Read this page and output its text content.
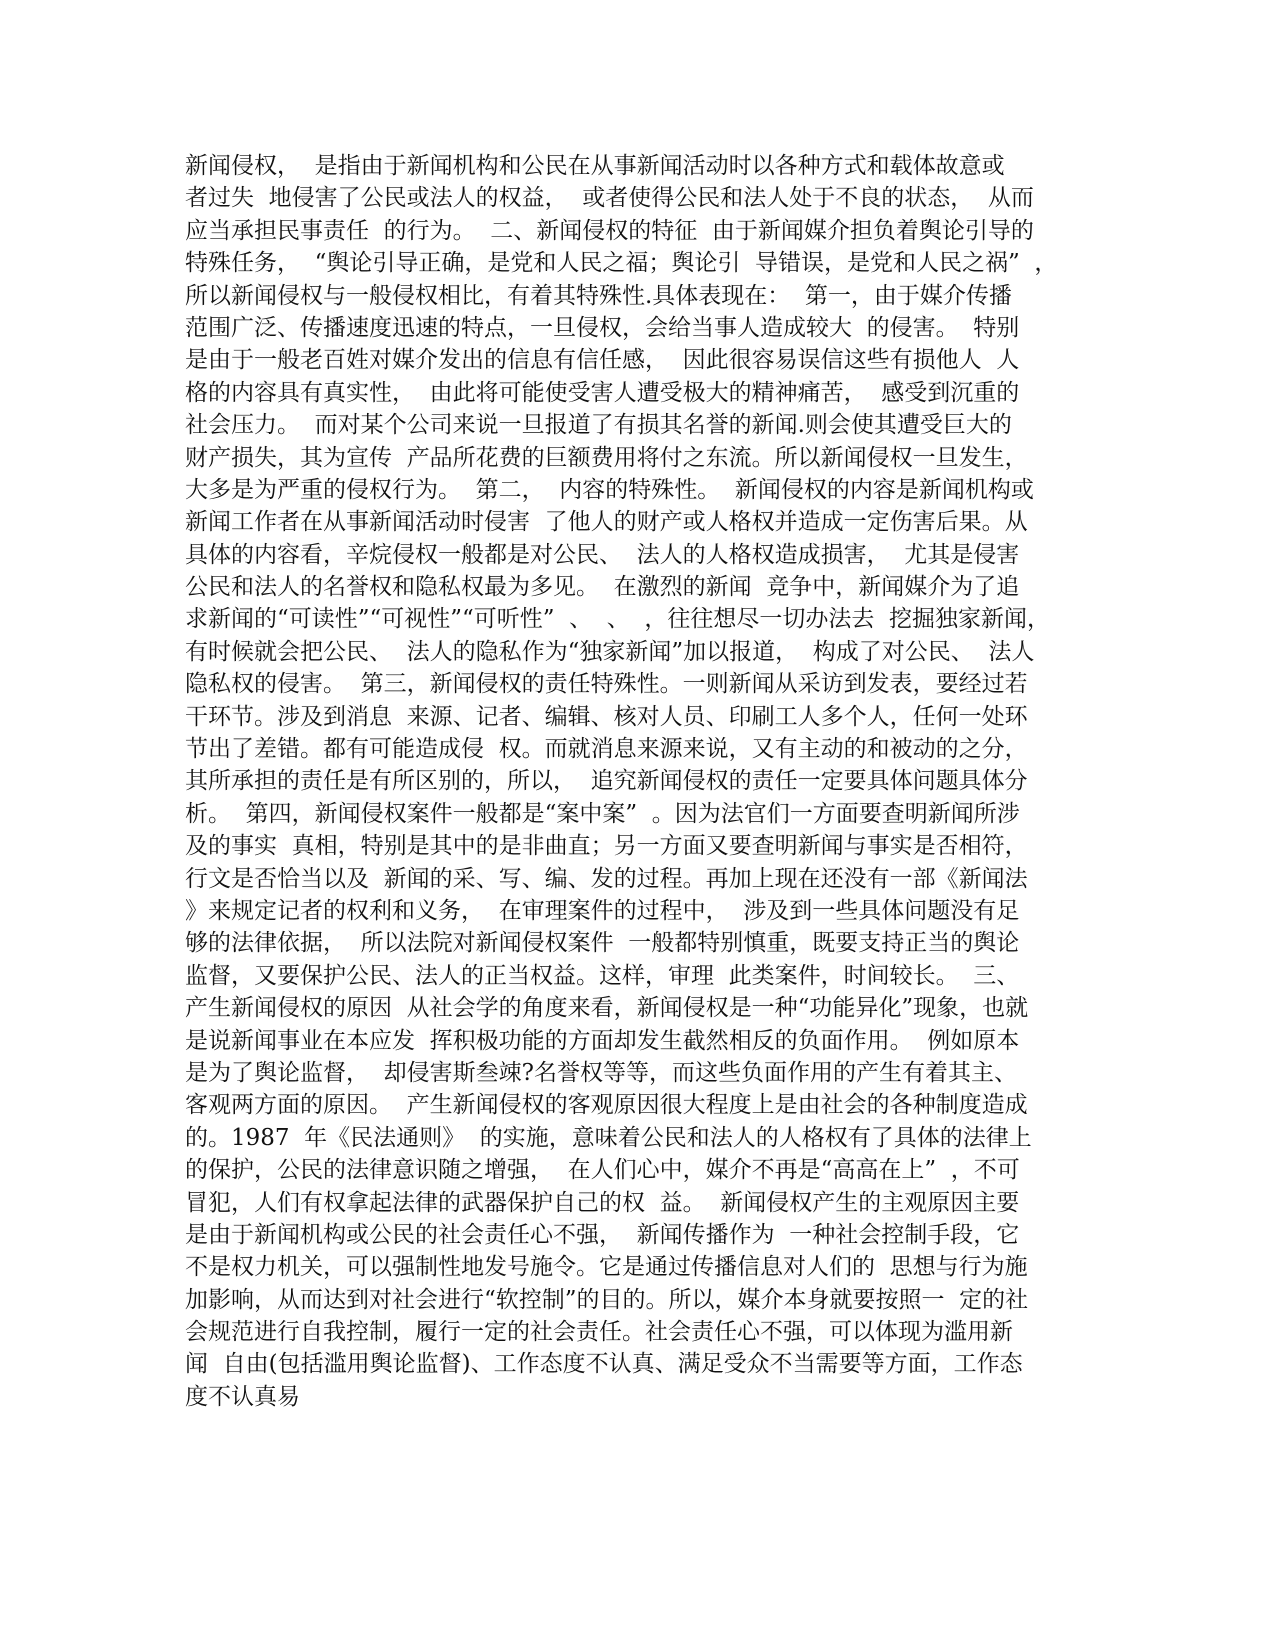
新闻侵权，  是指由于新闻机构和公民在从事新闻活动时以各种方式和载体故意或
者过失  地侵害了公民或法人的权益，  或者使得公民和法人处于不良的状态，  从而
应当承担民事责任  的行为。  二、新闻侵权的特征  由于新闻媒介担负着舆论引导的
特殊任务，  “舆论引导正确，是党和人民之福；舆论引  导错误，是党和人民之祸”  ，
所以新闻侵权与一般侵权相比，有着其特殊性.具体表现在：  第一，由于媒介传播
范围广泛、传播速度迅速的特点，一旦侵权，会给当事人造成较大  的侵害。  特别
是由于一般老百姓对媒介发出的信息有信任感，  因此很容易误信这些有损他人  人
格的内容具有真实性，  由此将可能使受害人遭受极大的精神痛苦，  感受到沉重的
社会压力。  而对某个公司来说一旦报道了有损其名誉的新闻.则会使其遭受巨大的
财产损失，其为宣传  产品所花费的巨额费用将付之东流。所以新闻侵权一旦发生，
大多是为严重的侵权行为。  第二，  内容的特殊性。  新闻侵权的内容是新闻机构或
新闻工作者在从事新闻活动时侵害  了他人的财产或人格权并造成一定伤害后果。从
具体的内容看，辛烷侵权一般都是对公民、  法人的人格权造成损害，  尤其是侵害
公民和法人的名誉权和隐私权最为多见。  在激烈的新闻  竞争中，新闻媒介为了追
求新闻的“可读性”“可视性”“可听性”  、  、  ，往往想尽一切办法去  挖掘独家新闻，
有时候就会把公民、  法人的隐私作为“独家新闻”加以报道，  构成了对公民、  法人
隐私权的侵害。  第三，新闻侵权的责任特殊性。一则新闻从采访到发表，要经过若
干环节。涉及到消息  来源、记者、编辑、核对人员、印刷工人多个人，任何一处环
节出了差错。都有可能造成侵  权。而就消息来源来说，又有主动的和被动的之分，
其所承担的责任是有所区别的，所以，  追究新闻侵权的责任一定要具体问题具体分
析。  第四，新闻侵权案件一般都是“案中案”  。因为法官们一方面要查明新闻所涉
及的事实  真相，特别是其中的是非曲直；另一方面又要查明新闻与事实是否相符，
行文是否恰当以及  新闻的采、写、编、发的过程。再加上现在还没有一部《新闻法
》来规定记者的权利和义务，  在审理案件的过程中，  涉及到一些具体问题没有足
够的法律依据，  所以法院对新闻侵权案件  一般都特别慎重，既要支持正当的舆论
监督，又要保护公民、法人的正当权益。这样，审理  此类案件，时间较长。  三、
产生新闻侵权的原因  从社会学的角度来看，新闻侵权是一种“功能异化”现象，也就
是说新闻事业在本应发  挥积极功能的方面却发生截然相反的负面作用。  例如原本
是为了舆论监督，  却侵害斯叁竦?名誉权等等，而这些负面作用的产生有着其主、
客观两方面的原因。  产生新闻侵权的客观原因很大程度上是由社会的各种制度造成
的。1987  年《民法通则》  的实施，意味着公民和法人的人格权有了具体的法律上
的保护，公民的法律意识随之增强，  在人们心中，媒介不再是“高高在上”  ，不可
冒犯，人们有权拿起法律的武器保护自己的权  益。  新闻侵权产生的主观原因主要
是由于新闻机构或公民的社会责任心不强，  新闻传播作为  一种社会控制手段，它
不是权力机关，可以强制性地发号施令。它是通过传播信息对人们的  思想与行为施
加影响，从而达到对社会进行“软控制”的目的。所以，媒介本身就要按照一  定的社
会规范进行自我控制，履行一定的社会责任。社会责任心不强，可以体现为滥用新
闻  自由(包括滥用舆论监督)、工作态度不认真、满足受众不当需要等方面，工作态
度不认真易
